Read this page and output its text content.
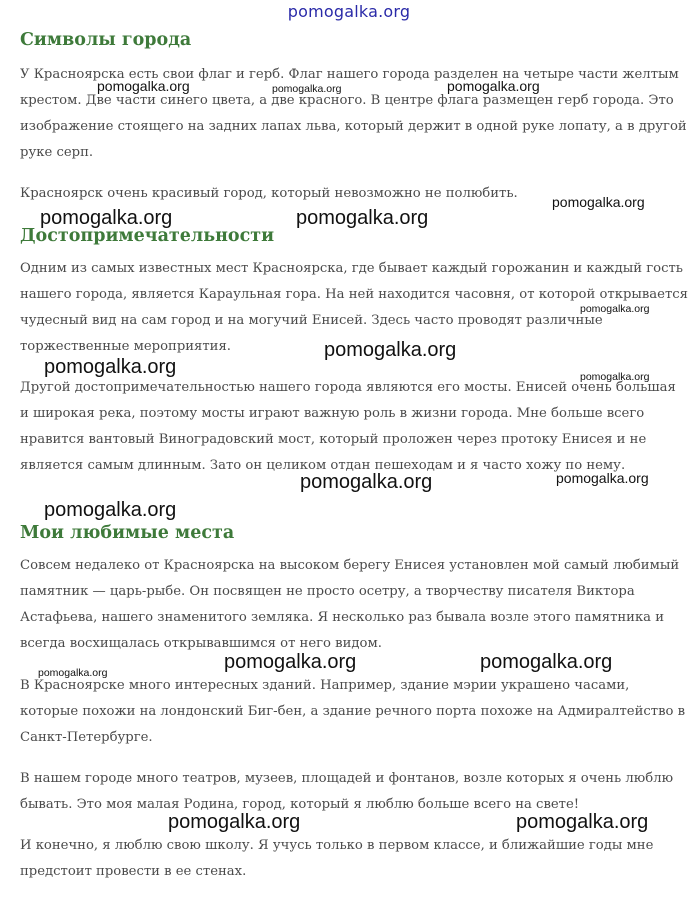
pomogalka.org
Символы города

У Красноярска есть свои флаг и герб. Флаг нашего города разделен на четыре части желтым крестом. Две части синего цвета, а две красного. В центре флага размещен герб города. Это изображение стоящего на задних лапах льва, который держит в одной руке лопату, а в другой руке серп.

Красноярск очень красивый город, который невозможно не полюбить.

Достопримечательности

Одним из самых известных мест Красноярска, где бывает каждый горожанин и каждый гость нашего города, является Караульная гора. На ней находится часовня, от которой открывается чудесный вид на сам город и на могучий Енисей. Здесь часто проводят различные торжественные мероприятия.

Другой достопримечательностью нашего города являются его мосты. Енисей очень большая и широкая река, поэтому мосты играют важную роль в жизни города. Мне больше всего нравится вантовый Виноградовский мост, который проложен через протоку Енисея и не является самым длинным. Зато он целиком отдан пешеходам и я часто хожу по нему.

Мои любимые места

Совсем недалеко от Красноярска на высоком берегу Енисея установлен мой самый любимый памятник — царь-рыбе. Он посвящен не просто осетру, а творчеству писателя Виктора Астафьева, нашего знаменитого земляка. Я несколько раз бывала возле этого памятника и всегда восхищалась открывавшимся от него видом.

В Красноярске много интересных зданий. Например, здание мэрии украшено часами, которые похожи на лондонский Биг-бен, а здание речного порта похоже на Адмиралтейство в Санкт-Петербурге.

В нашем городе много театров, музеев, площадей и фонтанов, возле которых я очень люблю бывать. Это моя малая Родина, город, который я люблю больше всего на свете!

И конечно, я люблю свою школу. Я учусь только в первом классе, и ближайшие годы мне предстоит провести в ее стенах.

pomogalka.org	pomogalka.org	pomogalka.org
pomogalka.org
pomogalka.org	pomogalka.org
pomogalka.org
pomogalka.org
pomogalka.org	pomogalka.org
pomogalka.org	pomogalka.org
pomogalka.org
pomogalka.org	pomogalka.org
pomogalka.org
pomogalka.org	pomogalka.org
